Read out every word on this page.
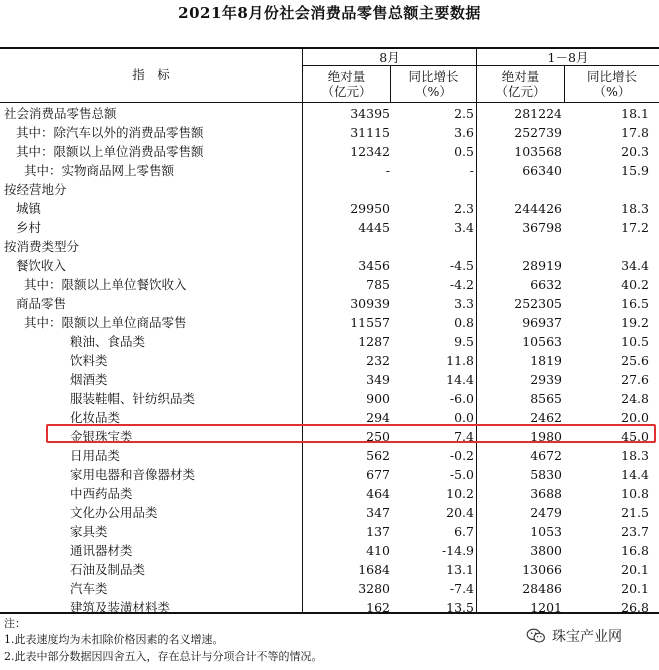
2021年8月份社会消费品零售总额主要数据
指　标
8月	1－8月
绝对量
（亿元）
同比增长
（%）
绝对量
（亿元）
同比增长
（%）
社会消费品零售总额	34395	2.5	281224	18.1
其中：除汽车以外的消费品零售额	31115	3.6	252739	17.8
其中：限额以上单位消费品零售额	12342	0.5	103568	20.3
其中：实物商品网上零售额	-	-	66340	15.9
按经营地分
城镇	29950	2.3	244426	18.3
乡村	4445	3.4	36798	17.2
按消费类型分
餐饮收入	3456	-4.5	28919	34.4
其中：限额以上单位餐饮收入	785	-4.2	6632	40.2
商品零售	30939	3.3	252305	16.5
其中：限额以上单位商品零售	11557	0.8	96937	19.2
粮油、食品类	1287	9.5	10563	10.5
饮料类	232	11.8	1819	25.6
烟酒类	349	14.4	2939	27.6
服装鞋帽、针纺织品类	900	-6.0	8565	24.8
化妆品类	294	0.0	2462	20.0
金银珠宝类	250	7.4	1980	45.0
日用品类	562	-0.2	4672	18.3
家用电器和音像器材类	677	-5.0	5830	14.4
中西药品类	464	10.2	3688	10.8
文化办公用品类	347	20.4	2479	21.5
家具类	137	6.7	1053	23.7
通讯器材类	410	-14.9	3800	16.8
石油及制品类	1684	13.1	13066	20.1
汽车类	3280	-7.4	28486	20.1
建筑及装潢材料类	162	13.5	1201	26.8
注：
1.此表速度均为未扣除价格因素的名义增速。
2.此表中部分数据因四舍五入，存在总计与分项合计不等的情况。
珠宝产业网
